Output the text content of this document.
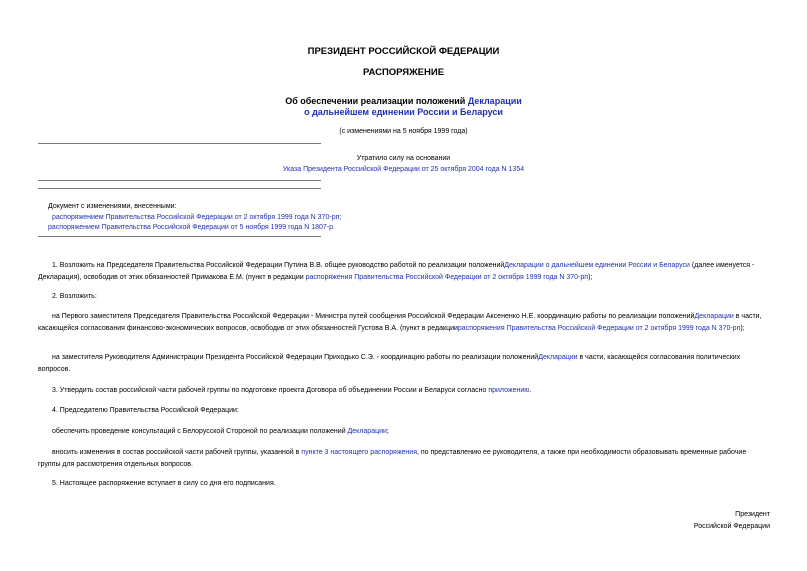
ПРЕЗИДЕНТ РОССИЙСКОЙ ФЕДЕРАЦИИ
РАСПОРЯЖЕНИЕ
Об обеспечении реализации положений Декларации
о дальнейшем единении России и Беларуси
(с изменениями на 5 ноября 1999 года)
Утратило силу на основании
Указа Президента Российской Федерации от 25 октября 2004 года N 1354
Документ с изменениями, внесенными:
распоряжением Правительства Российской Федерации от 2 октября 1999 года N 370-рп;
распоряжением Правительства Российской Федерации от 5 ноября 1999 года N 1807-р.
1. Возложить на Председателя Правительства Российской Федерации Путина В.В. общее руководство работой по реализации положенийДекларации о дальнейшем единении России и Беларуси (далее именуется - Декларация), освободив от этих обязанностей Примакова Е.М. (пункт в редакции распоряжения Правительства Российской Федерации от 2 октября 1999 года N 370-рп);
2. Возложить:
на Первого заместителя Председателя Правительства Российской Федерации - Министра путей сообщения Российской Федерации Аксененко Н.Е. координацию работы по реализации положенийДекларации в части, касающейся согласования финансово-экономических вопросов, освободив от этих обязанностей Густова В.А. (пункт в редакциираспоряжения Правительства Российской Федерации от 2 октября 1999 года N 370-рп);
на заместителя Руководителя Администрации Президента Российской Федерации Приходько С.Э. - координацию работы по реализации положенийДекларации в части, касающейся согласования политических вопросов.
3. Утвердить состав российской части рабочей группы по подготовке проекта Договора об объединении России и Беларуси согласно приложению.
4. Председателю Правительства Российской Федерации:
обеспечить проведение консультаций с Белорусской Стороной по реализации положений Декларации;
вносить изменения в состав российской части рабочей группы, указанной в пункте 3 настоящего распоряжения, по представлению ее руководителя, а также при необходимости образовывать временные рабочие группы для рассмотрения отдельных вопросов.
5. Настоящее распоряжение вступает в силу со дня его подписания.
Президент
Российской Федерации
